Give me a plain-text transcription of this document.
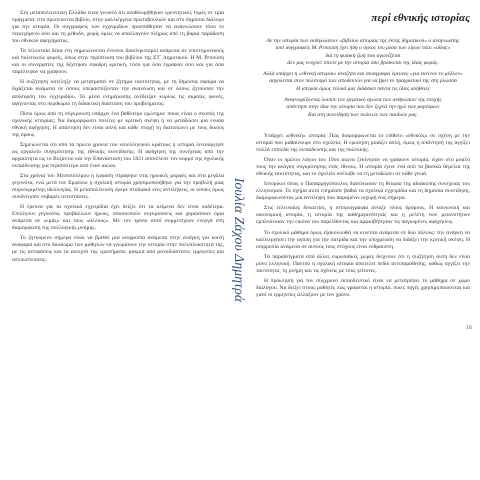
Στη μεταπολιτευτική Ελλάδα είναι γνωστό ότι αναθεωρήθηκαν ερευνητικές τομές σε τρία πράγματα: στο πρωτεύοντα βιβλίο, στην καλλιέργεια πρωτοβουλιών και στο δημόσιο διάλογο για την ιστορία. Οι συγγραφείς των εγχειριδίων προσπάθησαν να ανανεώσουν τόσο το περιεχόμενο όσο και τη μέθοδο, χωρίς όμως να απαλλαγούν πλήρως από τη βαριά παράδοση του εθνικού αφηγήματος.

Τα τελευταία δέκα έτη σημειώνονται έντονοι διαπληκτισμοί ανάμεσα σε επιστημονικούς και πολιτικούς φορείς, όπως στην περίπτωση του βιβλίου της ΣΤ΄ Δημοτικού. Η Μ. Ρεπούση και οι συνεργάτες της δέχτηκαν σφοδρή κριτική, τόσο για όσα έγραψαν όσο και για όσα παρέλειψαν να γράψουν.

Η συζήτηση κατέληξε να μετατραπεί σε ζήτημα ταυτότητας, με τη δημόσια σφαίρα να διχάζεται ανάμεσα σε όσους υπερασπίζονταν την ανανέωση και σε όσους ζητούσαν την απόσυρση του εγχειριδίου. Τα μέσα ενημέρωσης ανέδειξαν κυρίως τις ακραίες φωνές, αφήνοντας στο περιθώριο τη διδακτική διάσταση του προβλήματος.

Πίσω όμως από τη σύγκρουση υπάρχει ένα βαθύτερο ερώτημα: ποιος είναι ο σκοπός της σχολικής ιστορίας; Να διαμορφώσει πολίτες με κριτική σκέψη ή να μεταδώσει μια ενιαία εθνική αφήγηση; Η απάντηση δεν είναι απλή και κάθε εποχή τη διατυπώνει με τους δικούς της όρους.

Σημειώνεται ότι από τα πρώτα χρόνια του νεοελληνικού κράτους η ιστορία λειτούργησε ως εργαλείο συγκρότησης της εθνικής συνείδησης. Η αφήγηση της συνέχειας από την αρχαιότητα ως το Βυζάντιο και την Επανάσταση του 1821 αποτέλεσε τον κορμό της σχολικής εκπαίδευσης για περισσότερο από έναν αιώνα.

Στα χρόνια του Μεσοπολέμου η έμφαση στράφηκε στις ηρωικές μορφές και στα μεγάλα γεγονότα, ενώ μετά τον Εμφύλιο η σχολική ιστορία χρησιμοποιήθηκε για την προβολή μιας συγκεκριμένης ιδεολογίας. Η μεταπολίτευση έφερε σταδιακά νέες αντιλήψεις, οι οποίες όμως συνάντησαν σοβαρές αντιστάσεις.

Η έρευνα για τα σχολικά εγχειρίδια έχει δείξει ότι τα κείμενα δεν είναι ουδέτερα. Επιλέγουν γεγονότα, προβάλλουν ήρωες, αποσιωπούν συγκρούσεις και χαράσσουν όρια ανάμεσα σε «εμάς» και τους «άλλους». Με τον τρόπο αυτό συμμετέχουν ενεργά στη διαμόρφωση της συλλογικής μνήμης.

Το ζητούμενο σήμερα είναι να βρεθεί μια ισορροπία ανάμεσα στην ανάγκη για κοινή αναφορά και στο δικαίωμα των μαθητών να γνωρίσουν την ιστορία στην πολυπλοκότητά της, με τις αντιφάσεις και τα ανοιχτά της ερωτήματα, μακριά από μονοδιάστατες ερμηνείες και απλουστεύσεις.	Ιουλία Ζάχου Δημητρά
περί εθνικής ιστορίας
Αν την ιστορία των εκδηλώσεων «βιβλίου ιστορίας της έκτης δημοτικού» ο αναγνώστης
από συγγραφείς Μ. Ρεπούση έχει ήδη ο όγκος του μέσα των λίγων πάλι «ιδέας»
διά τη φυσική ζωή που αγωνίζεται
Δεν μας ενοχλεί τίποτε με την ιστορία όσο βρίσκεται της ίδιας φοράς.
Αλλά υπάρχει η «εθνική ιστορία» αναζητά και σκιαγραφεί έρευνες «για εκείνον το μέλλον»
ασχολείται στον πολιτισμό των αποδεκτών για να βρει το πραγματικό της στη γλώσσα
Η ιστορία όμως τελικά μας διδάσκει πάντα τις ίδιες αλήθειες
Αναγνωρίζοντας λοιπόν τον εργατικό αγώνα των ανθρώπων της εποχής
απάντησε στην ίδια την ιστορία που δεν ξεχνά την ηχώ των μαρτύρων
Και στη συνείδηση των πολιτών των παιδιών μας.

Υπάρχει «εθνική» ιστορία; Πώς διαμορφώνεται το επίθετο «εθνικός» σε σχέση με την ιστορία που μαθαίνουμε στο σχολείο; Η ερώτηση μοιάζει απλή, όμως η απάντησή της αγγίζει πολλά επίπεδα της εκπαίδευσης και της πολιτικής.

Όταν οι πρώτοι λόγιοι του 19ου αιώνα ξεκίνησαν να γράφουν ιστορία, είχαν στο μυαλό τους την ανάγκη συγκρότησης ενός έθνους. Η ιστορία έγινε ένα από τα βασικά θεμέλια της εθνικής ταυτότητας, και το σχολείο ανέλαβε να τη μεταδώσει σε κάθε γενιά.

Ιστορικοί όπως ο Παπαρρηγόπουλος διατύπωσαν τη θεωρία της αδιάκοπης συνέχειας του ελληνισμού. Το σχήμα αυτό επηρέασε βαθιά τα σχολικά εγχειρίδια και τη δημόσια συνείδηση, διαμορφώνοντας μια αντίληψη που παραμένει ισχυρή έως σήμερα.

Στις τελευταίες δεκαετίες, η ιστοριογραφία άνοιξε νέους δρόμους. Η κοινωνική και οικονομική ιστορία, η ιστορία της καθημερινότητας και η μελέτη των μειονοτήτων εμπλούτισαν την εικόνα του παρελθόντος και αμφισβήτησαν τις παγιωμένες αφηγήσεις.

Το σχολικό μάθημα όμως εξακολουθεί να κινείται ανάμεσα σε δύο πόλους: την ανάγκη να καλλιεργήσει την αγάπη για την πατρίδα και την υποχρέωση να διδάξει την κριτική σκέψη. Η ισορροπία ανάμεσα σε αυτούς τους στόχους είναι εύθραυστη.

Τα παραδείγματα από άλλες ευρωπαϊκές χώρες δείχνουν ότι η συζήτηση αυτή δεν είναι μόνο ελληνική. Παντού η σχολική ιστορία αποτελεί πεδίο αντιπαράθεσης, καθώς αγγίζει την ταυτότητα, τη μνήμη και τις σχέσεις με τους γείτονες.

Η πρόκληση για τον σύγχρονο εκπαιδευτικό είναι να μετατρέψει το μάθημα σε χώρο διαλόγου. Να δείξει στους μαθητές πώς γράφεται η ιστορία, ποιες πηγές χρησιμοποιούνται και γιατί οι ερμηνείες αλλάζουν με τον χρόνο.

16
